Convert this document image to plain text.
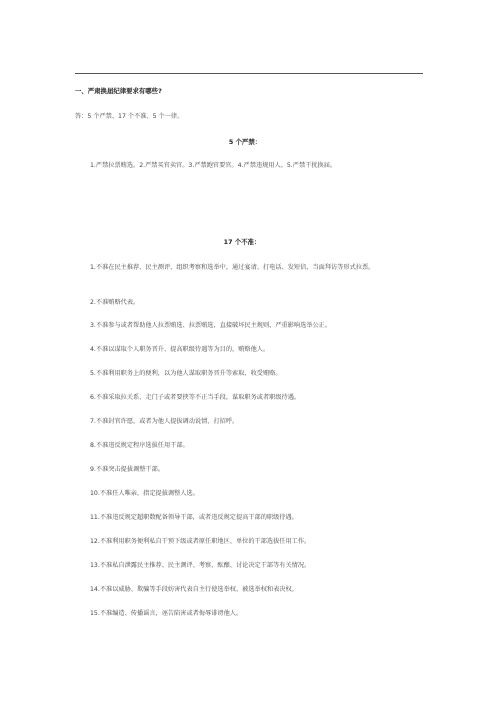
一、严肃换届纪律要求有哪些?
答：5 个严禁、17 个不准、5 个一律。
5 个严禁：
1.严禁拉票贿选。2.严禁买官卖官。3.严禁跑官要官。4.严禁违规用人。5.严禁干扰换届。
17 个不准：
1.不准在民主推荐、民主测评、组织考察和选举中，通过宴请、打电话、发短信、当面拜访等形式拉票。
2.不准贿赂代表。
3.不准参与或者帮助他人拉票贿选、拉票贿选，直接破坏民主规则，严重影响选举公正。
4.不准以谋取个人职务晋升、提高职级待遇等为目的，贿赂他人。
5.不准利用职务上的便利，以为他人谋取职务晋升等索取、收受贿赂。
6.不准采取拉关系、走门子或者要挟等不正当手段，谋取职务或者职级待遇。
7.不准封官许愿，或者为他人提拔调动说情、打招呼。
8.不准违反规定程序选拔任用干部。
9.不准突击提拔调整干部。
10.不准任人唯亲，指定提拔调整人选。
11.不准违反规定超职数配备领导干部，或者违反规定提高干部的职级待遇。
12.不准利用职务便利私自干预下级或者原任职地区、单位的干部选拔任用工作。
13.不准私自泄露民主推荐、民主测评、考察、酝酿、讨论决定干部等有关情况。
14.不准以威胁、欺骗等手段妨害代表自主行使选举权、被选举权和表决权。
15.不准编造、传播谣言，诬告陷害或者侮辱诽谤他人。
